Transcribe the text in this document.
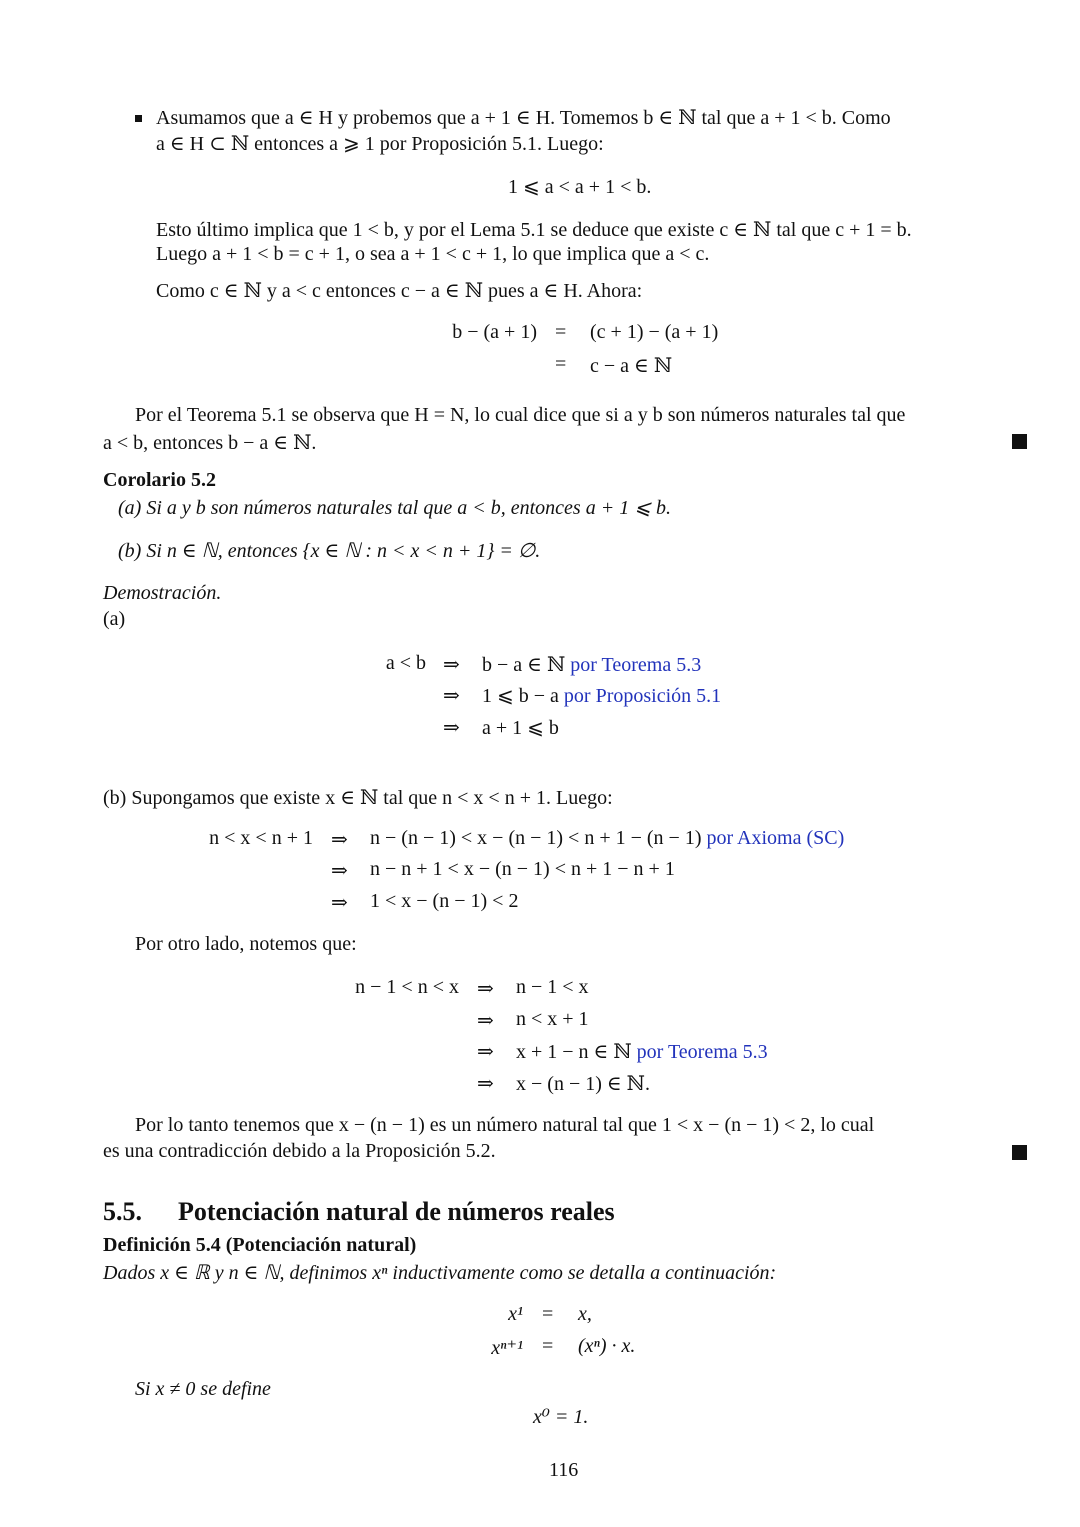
Asumamos que a ∈ H y probemos que a + 1 ∈ H. Tomemos b ∈ ℕ tal que a + 1 < b. Como
a ∈ H ⊂ ℕ entonces a ⩾ 1 por Proposición 5.1. Luego:
1 ⩽ a < a + 1 < b.
Esto último implica que 1 < b, y por el Lema 5.1 se deduce que existe c ∈ ℕ tal que c + 1 = b.
Luego a + 1 < b = c + 1, o sea a + 1 < c + 1, lo que implica que a < c.
Como c ∈ ℕ y a < c entonces c − a ∈ ℕ pues a ∈ H. Ahora:
b − (a + 1) = (c + 1) − (a + 1)
= c − a ∈ ℕ
Por el Teorema 5.1 se observa que H = N, lo cual dice que si a y b son números naturales tal que
a < b, entonces b − a ∈ ℕ.
Corolario 5.2
(a) Si a y b son números naturales tal que a < b, entonces a + 1 ⩽ b.
(b) Si n ∈ ℕ, entonces {x ∈ ℕ : n < x < n + 1} = ∅.
Demostración.
(a)
a < b ⇒ b − a ∈ ℕ por Teorema 5.3
⇒ 1 ⩽ b − a por Proposición 5.1
⇒ a + 1 ⩽ b
(b) Supongamos que existe x ∈ ℕ tal que n < x < n + 1. Luego:
n < x < n + 1 ⇒ n − (n − 1) < x − (n − 1) < n + 1 − (n − 1) por Axioma (SC)
⇒ n − n + 1 < x − (n − 1) < n + 1 − n + 1
⇒ 1 < x − (n − 1) < 2
Por otro lado, notemos que:
n − 1 < n < x ⇒ n − 1 < x
⇒ n < x + 1
⇒ x + 1 − n ∈ ℕ por Teorema 5.3
⇒ x − (n − 1) ∈ ℕ.
Por lo tanto tenemos que x − (n − 1) es un número natural tal que 1 < x − (n − 1) < 2, lo cual
es una contradicción debido a la Proposición 5.2.
5.5. Potenciación natural de números reales
Definición 5.4 (Potenciación natural)
Dados x ∈ ℝ y n ∈ ℕ, definimos xⁿ inductivamente como se detalla a continuación:
x¹ = x,
xⁿ⁺¹ = (xⁿ) · x.
Si x ≠ 0 se define
x⁰ = 1.
116
